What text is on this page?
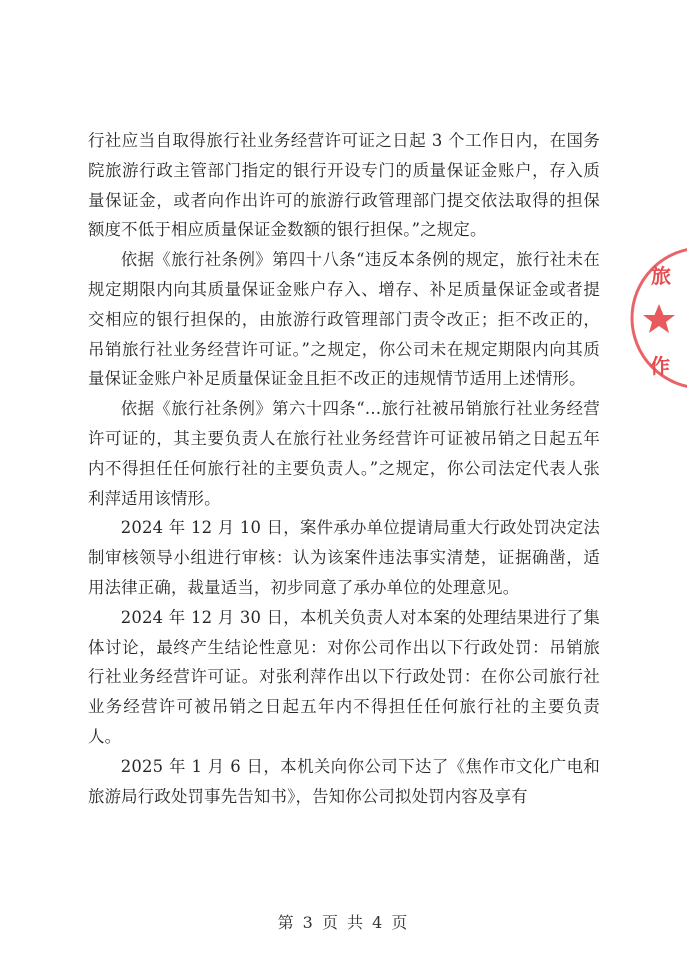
行社应当自取得旅行社业务经营许可证之日起 3 个工作日内，在国务院旅游行政主管部门指定的银行开设专门的质量保证金账户，存入质量保证金，或者向作出许可的旅游行政管理部门提交依法取得的担保额度不低于相应质量保证金数额的银行担保。”之规定。

依据《旅行社条例》第四十八条“违反本条例的规定，旅行社未在规定期限内向其质量保证金账户存入、增存、补足质量保证金或者提交相应的银行担保的，由旅游行政管理部门责令改正；拒不改正的，吊销旅行社业务经营许可证。”之规定，你公司未在规定期限内向其质量保证金账户补足质量保证金且拒不改正的违规情节适用上述情形。

依据《旅行社条例》第六十四条“…旅行社被吊销旅行社业务经营许可证的，其主要负责人在旅行社业务经营许可证被吊销之日起五年内不得担任任何旅行社的主要负责人。”之规定，你公司法定代表人张利萍适用该情形。

2024 年 12 月 10 日，案件承办单位提请局重大行政处罚决定法制审核领导小组进行审核：认为该案件违法事实清楚，证据确凿，适用法律正确，裁量适当，初步同意了承办单位的处理意见。

2024 年 12 月 30 日，本机关负责人对本案的处理结果进行了集体讨论，最终产生结论性意见：对你公司作出以下行政处罚：吊销旅行社业务经营许可证。对张利萍作出以下行政处罚：在你公司旅行社业务经营许可被吊销之日起五年内不得担任任何旅行社的主要负责人。

2025 年 1 月 6 日，本机关向你公司下达了《焦作市文化广电和旅游局行政处罚事先告知书》，告知你公司拟处罚内容及享有

旅
作
第 3 页 共 4 页
